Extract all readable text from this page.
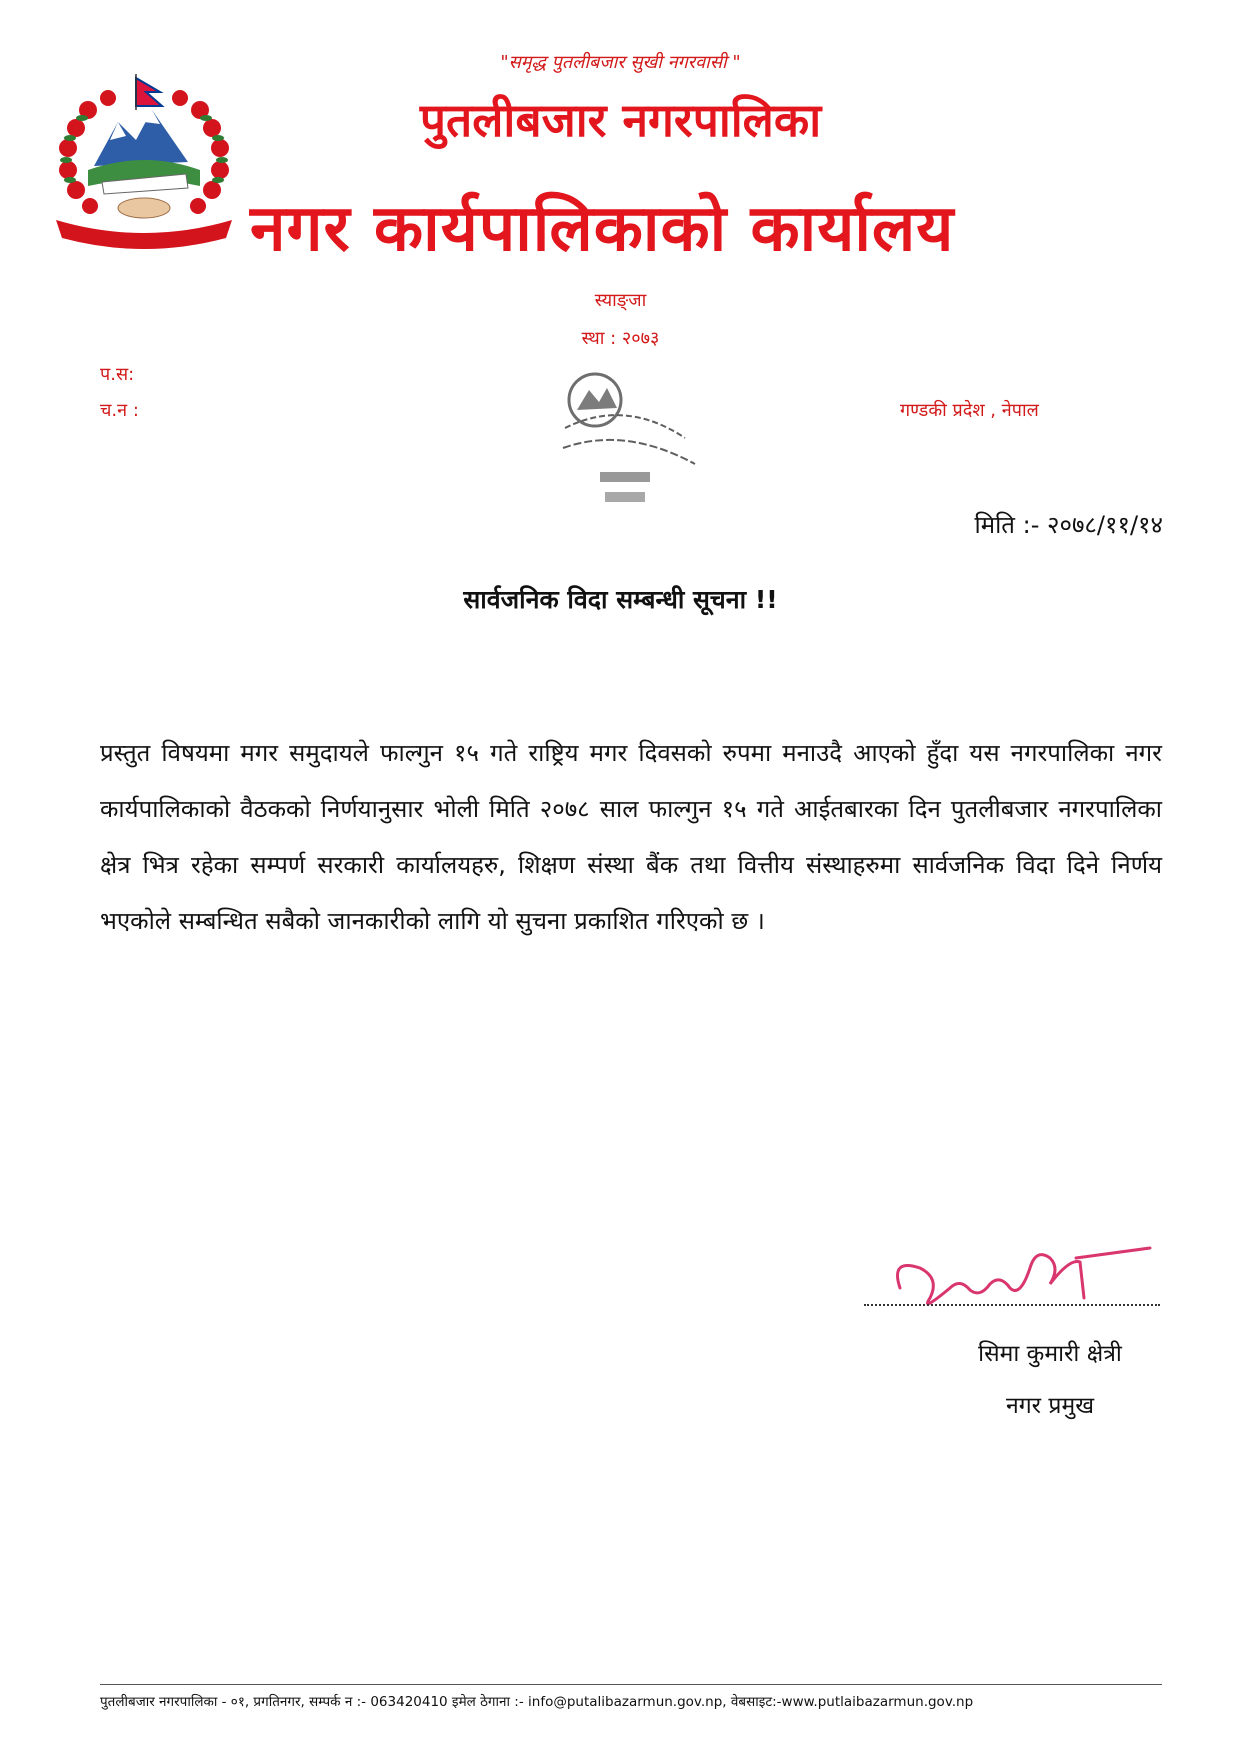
"समृद्ध पुतलीबजार सुखी नगरवासी "
पुतलीबजार नगरपालिका
नगर कार्यपालिकाको कार्यालय
स्याङ्जा
स्था : २०७३
प.स:
च.न :	गण्डकी प्रदेश , नेपाल
मिति :- २०७८/११/१४
सार्वजनिक विदा सम्बन्धी सूचना !!
प्रस्तुत विषयमा मगर समुदायले फाल्गुन १५ गते राष्ट्रिय मगर दिवसको रुपमा मनाउदै आएको हुँदा यस नगरपालिका नगर कार्यपालिकाको वैठकको निर्णयानुसार भोली मिति २०७८ साल फाल्गुन १५ गते आईतबारका दिन पुतलीबजार नगरपालिका क्षेत्र भित्र रहेका सम्पर्ण सरकारी कार्यालयहरु, शिक्षण संस्था बैंक तथा वित्तीय संस्थाहरुमा सार्वजनिक विदा दिने निर्णय भएकोले सम्बन्धित सबैको जानकारीको लागि यो सुचना प्रकाशित गरिएको छ ।
सिमा कुमारी क्षेत्री
नगर प्रमुख
पुतलीबजार नगरपालिका - ०१, प्रगतिनगर, सम्पर्क न :- 063420410 इमेल ठेगाना :- info@putalibazarmun.gov.np, वेबसाइट:-www.putlaibazarmun.gov.np
